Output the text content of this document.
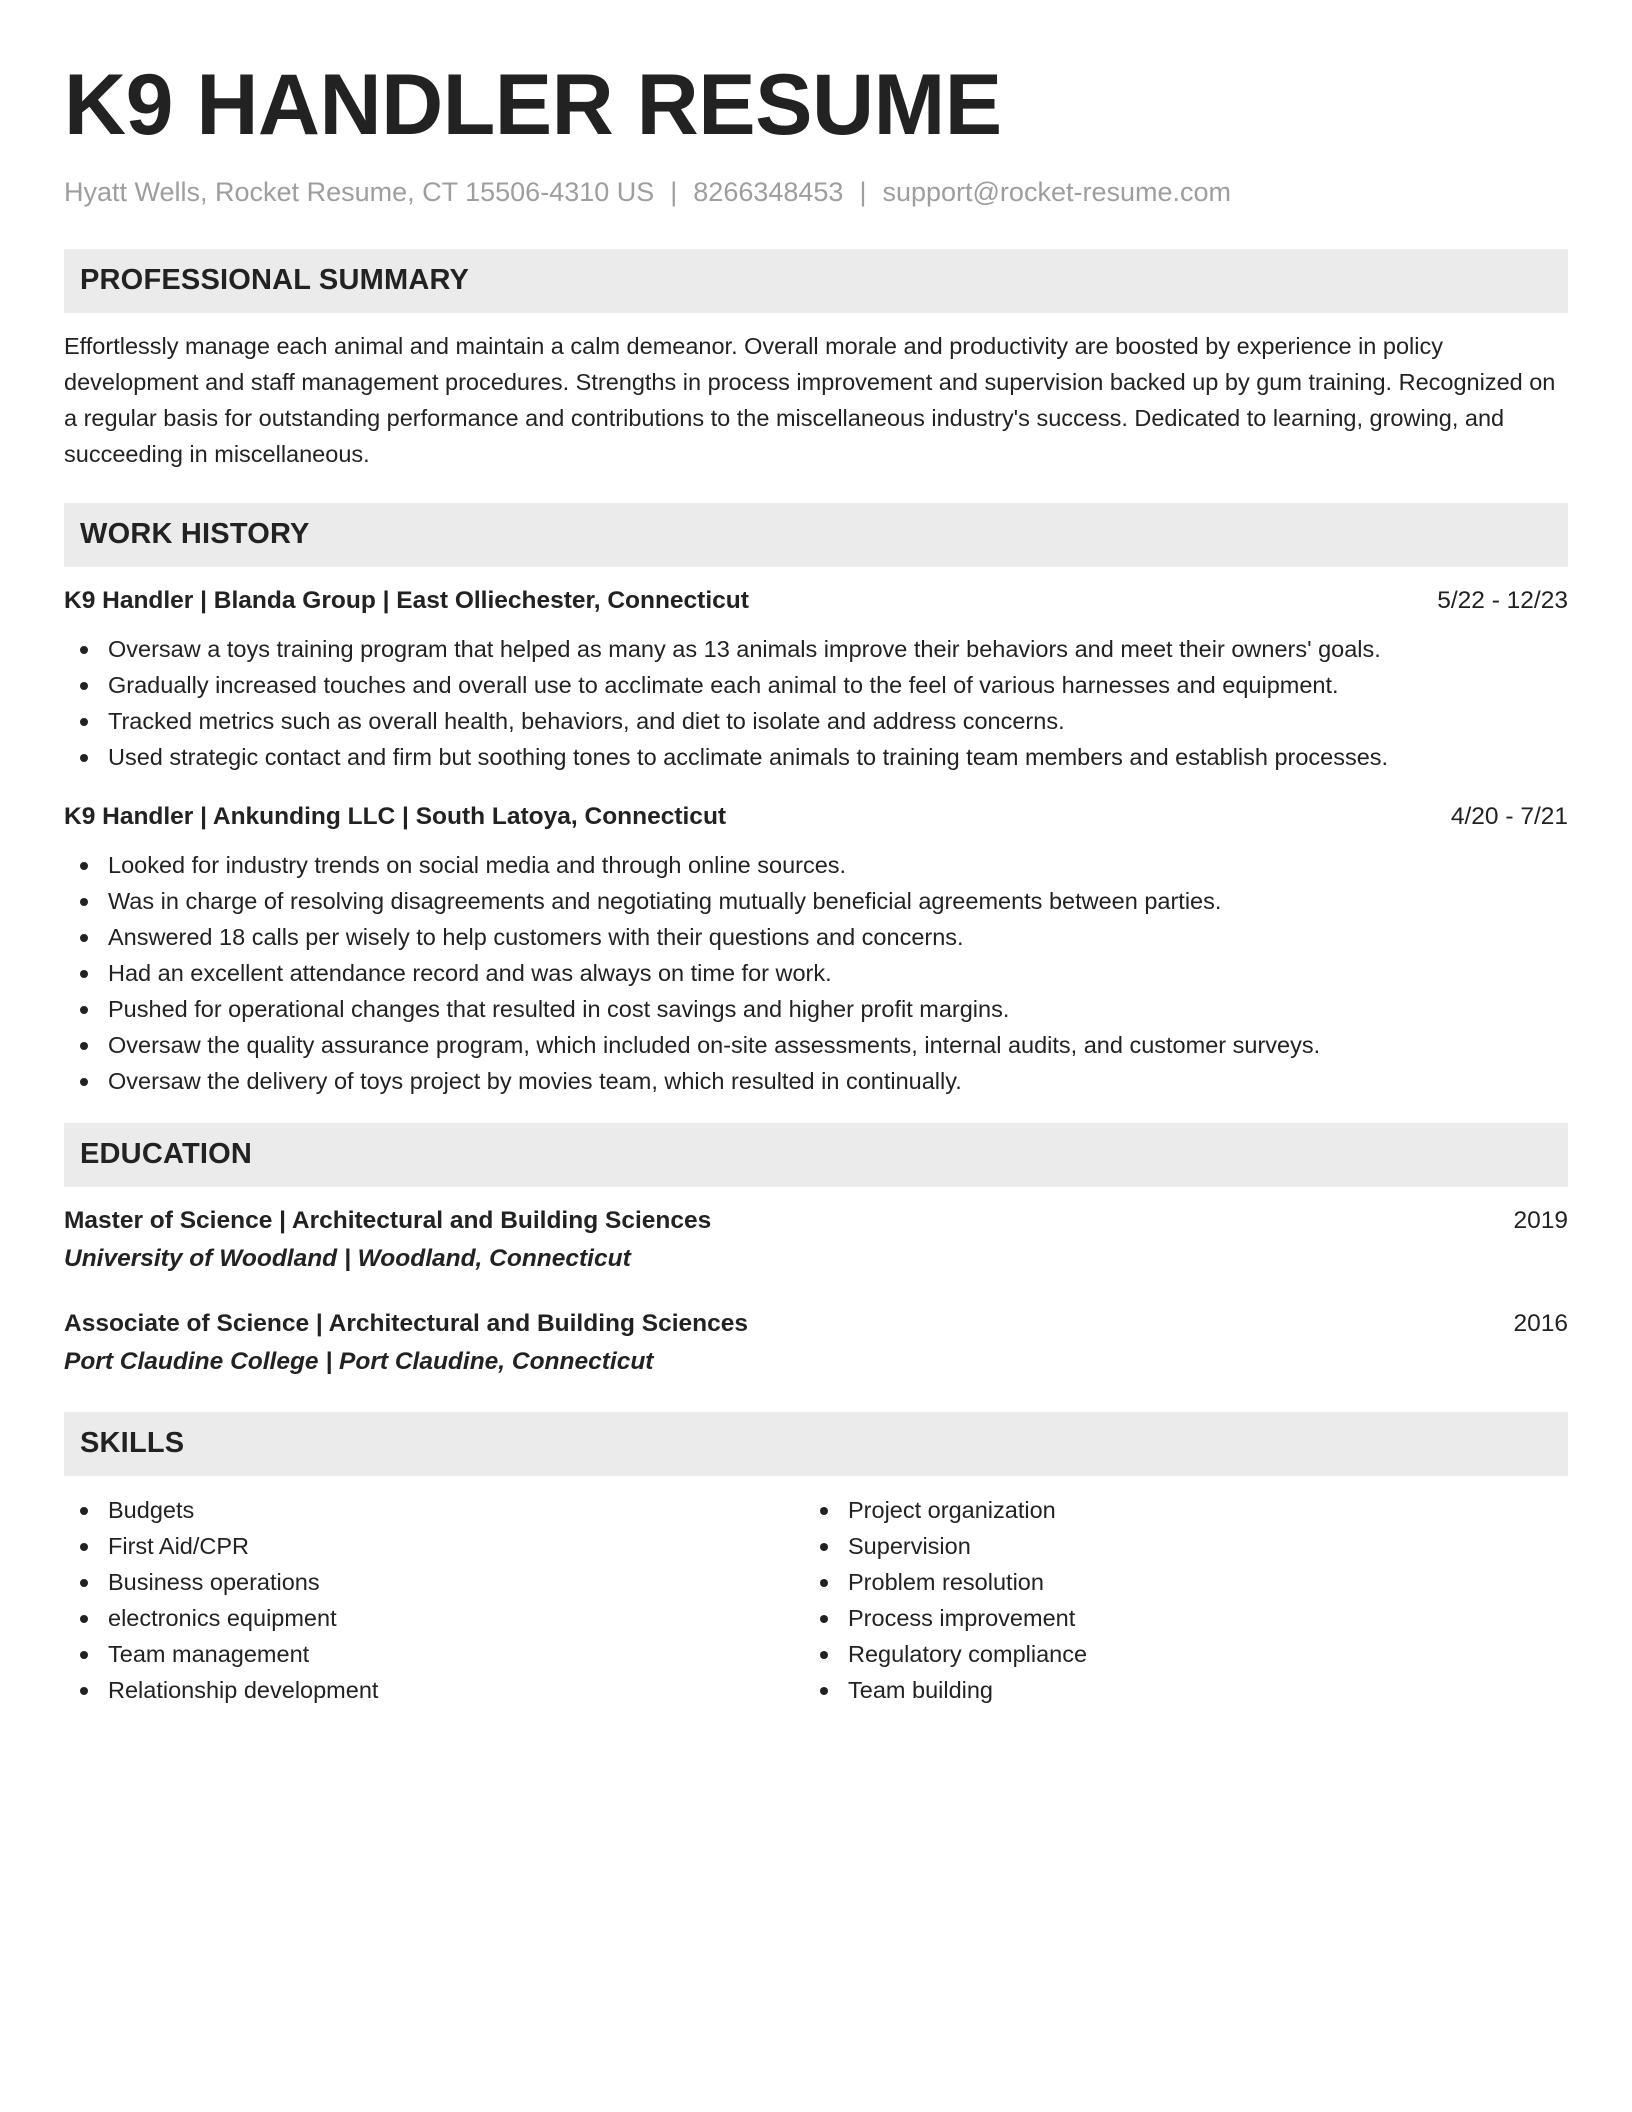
K9 HANDLER RESUME
Hyatt Wells, Rocket Resume, CT 15506-4310 US | 8266348453 | support@rocket-resume.com
PROFESSIONAL SUMMARY

Effortlessly manage each animal and maintain a calm demeanor. Overall morale and productivity are boosted by experience in policy development and staff management procedures. Strengths in process improvement and supervision backed up by gum training. Recognized on a regular basis for outstanding performance and contributions to the miscellaneous industry's success. Dedicated to learning, growing, and succeeding in miscellaneous.

WORK HISTORY
K9 Handler | Blanda Group | East Olliechester, Connecticut	5/22 - 12/23
Oversaw a toys training program that helped as many as 13 animals improve their behaviors and meet their owners' goals.
Gradually increased touches and overall use to acclimate each animal to the feel of various harnesses and equipment.
Tracked metrics such as overall health, behaviors, and diet to isolate and address concerns.
Used strategic contact and firm but soothing tones to acclimate animals to training team members and establish processes.
K9 Handler | Ankunding LLC | South Latoya, Connecticut	4/20 - 7/21
Looked for industry trends on social media and through online sources.
Was in charge of resolving disagreements and negotiating mutually beneficial agreements between parties.
Answered 18 calls per wisely to help customers with their questions and concerns.
Had an excellent attendance record and was always on time for work.
Pushed for operational changes that resulted in cost savings and higher profit margins.
Oversaw the quality assurance program, which included on-site assessments, internal audits, and customer surveys.
Oversaw the delivery of toys project by movies team, which resulted in continually.
EDUCATION
Master of Science | Architectural and Building Sciences	2019
University of Woodland | Woodland, Connecticut
Associate of Science | Architectural and Building Sciences	2016
Port Claudine College | Port Claudine, Connecticut
SKILLS
Budgets
First Aid/CPR
Business operations
electronics equipment
Team management
Relationship development
Project organization
Supervision
Problem resolution
Process improvement
Regulatory compliance
Team building
